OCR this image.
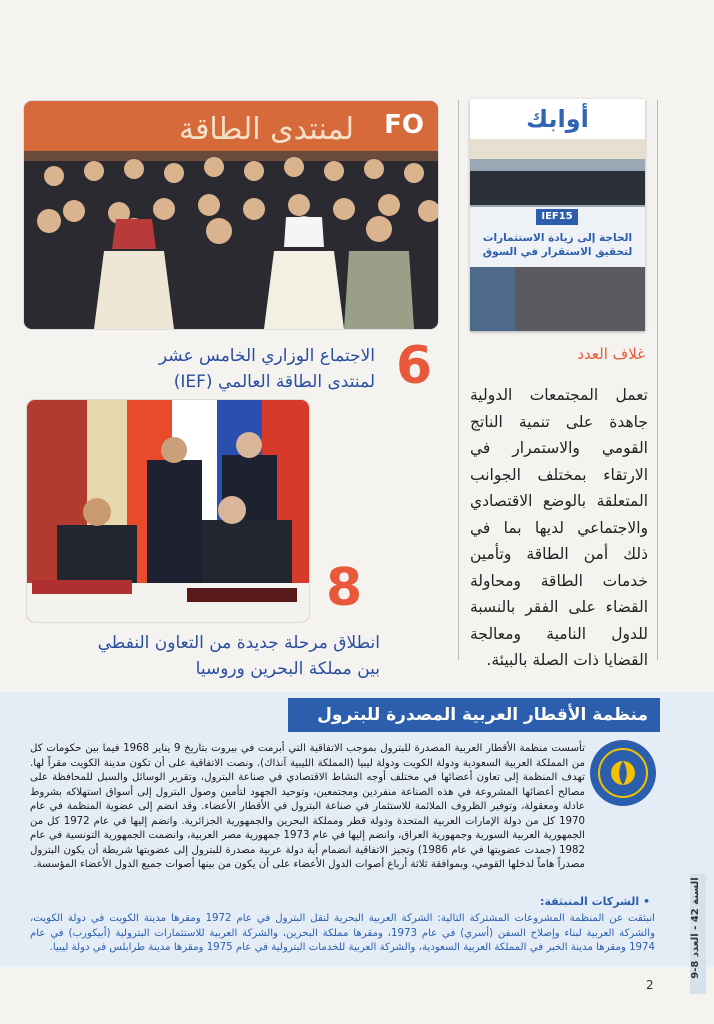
لمنتدى الطاقة FO
6
الاجتماع الوزاري الخامس عشر
لمنتدى الطاقة العالمي (IEF)
8
انطلاق مرحلة جديدة من التعاون النفطي
بين مملكة البحرين وروسيا
أوابك
IEF15
الحاجة إلى زيادة الاستثمارات لتحقيق الاستقرار في السوق
غلاف العدد
تعمل المجتمعات الدولية جاهدة على تنمية الناتج القومي والاستمرار في الارتقاء بمختلف الجوانب المتعلقة بالوضع الاقتصادي والاجتماعي لديها بما في ذلك أمن الطاقة وتأمين خدمات الطاقة ومحاولة القضاء على الفقر بالنسبة للدول النامية ومعالجة القضايا ذات الصلة بالبيئة.
منظمة الأقطار العربية المصدرة للبترول
تأسست منظمة الأقطار العربية المصدرة للبترول بموجب الاتفاقية التي أبرمت في بيروت بتاريخ 9 يناير 1968 فيما بين حكومات كل من المملكة العربية السعودية ودولة الكويت ودولة ليبيا (المملكة الليبية آنذاك). ونصت الاتفاقية على أن تكون مدينة الكويت مقراً لها. تهدف المنظمة إلى تعاون أعضائها في مختلف أوجه النشاط الاقتصادي في صناعة البترول، وتقرير الوسائل والسبل للمحافظة على مصالح أعضائها المشروعة في هذه الصناعة منفردين ومجتمعين، وتوحيد الجهود لتأمين وصول البترول إلى أسواق استهلاكه بشروط عادلة ومعقولة، وتوفير الظروف الملائمة للاستثمار في صناعة البترول في الأقطار الأعضاء. وقد انضم إلى عضوية المنظمة في عام 1970 كل من دولة الإمارات العربية المتحدة ودولة قطر ومملكة البحرين والجمهورية الجزائرية. وانضم إليها في عام 1972 كل من الجمهورية العربية السورية وجمهورية العراق، وانضم إليها في عام 1973 جمهورية مصر العربية، وانضمت الجمهورية التونسية في عام 1982 (جمدت عضويتها في عام 1986) وتجيز الاتفاقية انضمام أية دولة عربية مصدرة للبترول إلى عضويتها شريطة أن يكون البترول مصدراً هاماً لدخلها القومي، وبموافقة ثلاثة أرباع أصوات الدول الأعضاء على أن يكون من بينها أصوات جميع الدول الأعضاء المؤسسة.
• الشركات المنبثقة:
انبثقت عن المنظمة المشروعات المشتركة التالية: الشركة العربية البحرية لنقل البترول في عام 1972 ومقرها مدينة الكويت في دولة الكويت، والشركة العربية لبناء وإصلاح السفن (أسري) في عام 1973، ومقرها مملكة البحرين، والشركة العربية للاستثمارات البترولية (أبيكورب) في عام 1974 ومقرها مدينة الخبر في المملكة العربية السعودية، والشركة العربية للخدمات البترولية في عام 1975 ومقرها مدينة طرابلس في دولة ليبيا.
السنة 42 - العدد 8-9
2
